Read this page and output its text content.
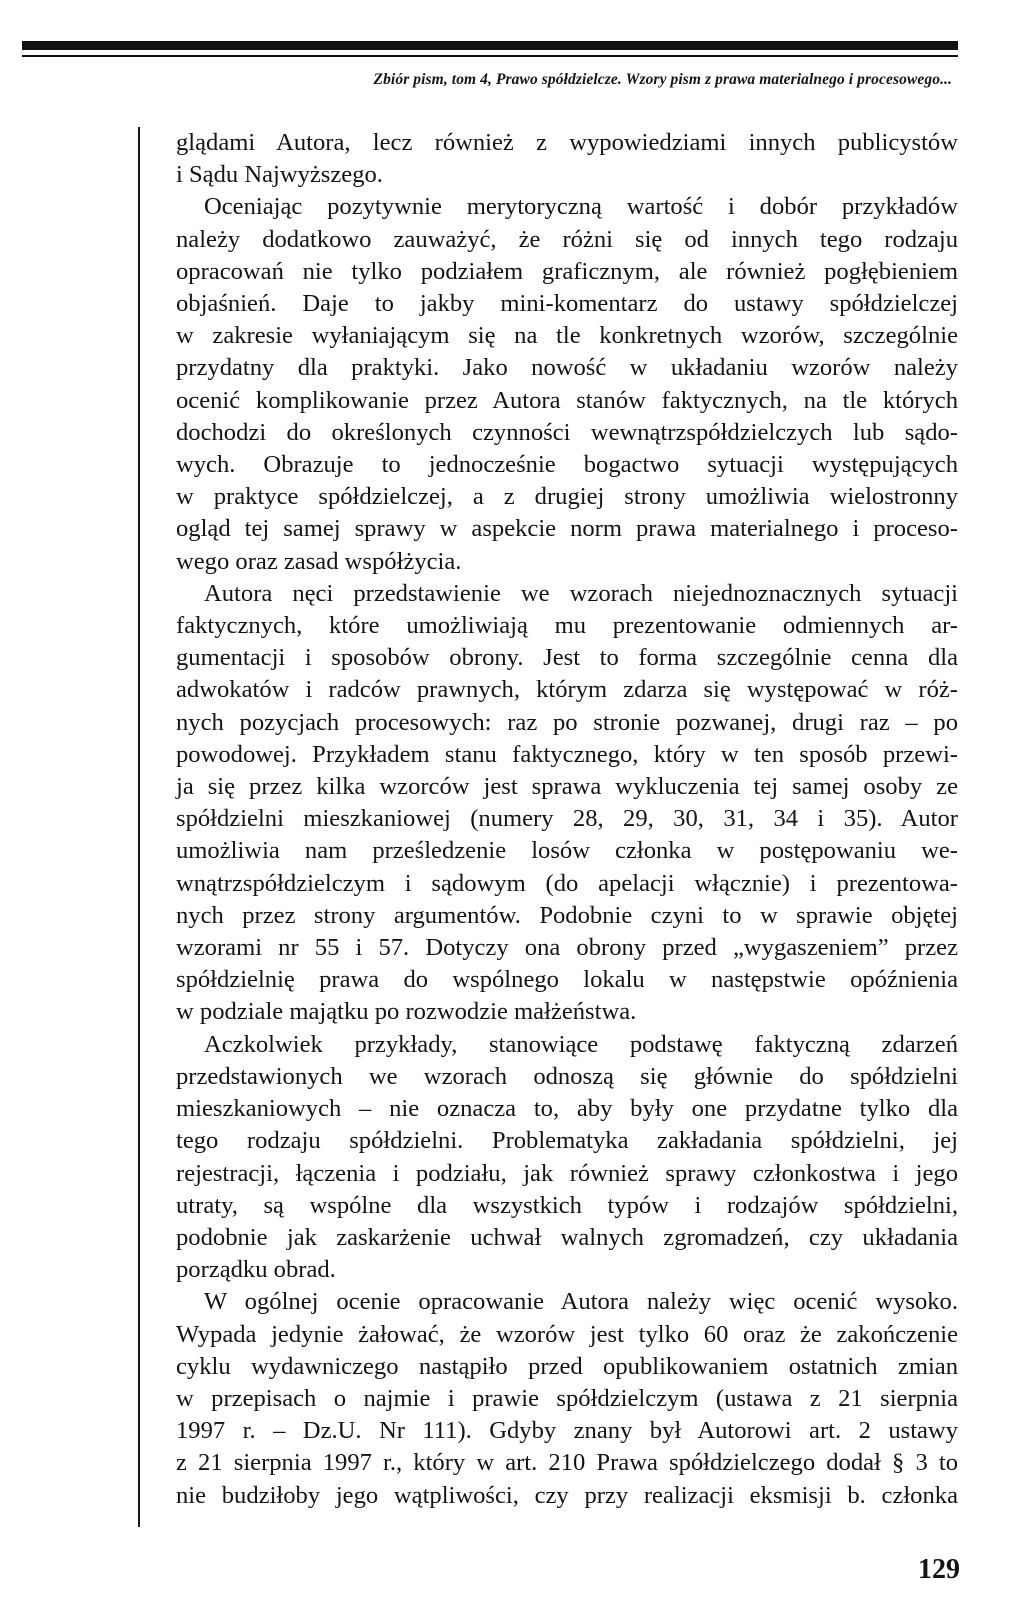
Zbiór pism, tom 4, Prawo spółdzielcze. Wzory pism z prawa materialnego i procesowego...
glądami Autora, lecz również z wypowiedziami innych publicystów
i Sądu Najwyższego.
Oceniając pozytywnie merytoryczną wartość i dobór przykładów
należy dodatkowo zauważyć, że różni się od innych tego rodzaju
opracowań nie tylko podziałem graficznym, ale również pogłębieniem
objaśnień. Daje to jakby mini-komentarz do ustawy spółdzielczej
w zakresie wyłaniającym się na tle konkretnych wzorów, szczególnie
przydatny dla praktyki. Jako nowość w układaniu wzorów należy
ocenić komplikowanie przez Autora stanów faktycznych, na tle których
dochodzi do określonych czynności wewnątrzspółdzielczych lub sądo-
wych. Obrazuje to jednocześnie bogactwo sytuacji występujących
w praktyce spółdzielczej, a z drugiej strony umożliwia wielostronny
ogląd tej samej sprawy w aspekcie norm prawa materialnego i proceso-
wego oraz zasad współżycia.
Autora nęci przedstawienie we wzorach niejednoznacznych sytuacji
faktycznych, które umożliwiają mu prezentowanie odmiennych ar-
gumentacji i sposobów obrony. Jest to forma szczególnie cenna dla
adwokatów i radców prawnych, którym zdarza się występować w róż-
nych pozycjach procesowych: raz po stronie pozwanej, drugi raz – po
powodowej. Przykładem stanu faktycznego, który w ten sposób przewi-
ja się przez kilka wzorców jest sprawa wykluczenia tej samej osoby ze
spółdzielni mieszkaniowej (numery 28, 29, 30, 31, 34 i 35). Autor
umożliwia nam prześledzenie losów członka w postępowaniu we-
wnątrzspółdzielczym i sądowym (do apelacji włącznie) i prezentowa-
nych przez strony argumentów. Podobnie czyni to w sprawie objętej
wzorami nr 55 i 57. Dotyczy ona obrony przed „wygaszeniem” przez
spółdzielnię prawa do wspólnego lokalu w następstwie opóźnienia
w podziale majątku po rozwodzie małżeństwa.
Aczkolwiek przykłady, stanowiące podstawę faktyczną zdarzeń
przedstawionych we wzorach odnoszą się głównie do spółdzielni
mieszkaniowych – nie oznacza to, aby były one przydatne tylko dla
tego rodzaju spółdzielni. Problematyka zakładania spółdzielni, jej
rejestracji, łączenia i podziału, jak również sprawy członkostwa i jego
utraty, są wspólne dla wszystkich typów i rodzajów spółdzielni,
podobnie jak zaskarżenie uchwał walnych zgromadzeń, czy układania
porządku obrad.
W ogólnej ocenie opracowanie Autora należy więc ocenić wysoko.
Wypada jedynie żałować, że wzorów jest tylko 60 oraz że zakończenie
cyklu wydawniczego nastąpiło przed opublikowaniem ostatnich zmian
w przepisach o najmie i prawie spółdzielczym (ustawa z 21 sierpnia
1997 r. – Dz.U. Nr 111). Gdyby znany był Autorowi art. 2 ustawy
z 21 sierpnia 1997 r., który w art. 210 Prawa spółdzielczego dodał § 3 to
nie budziłoby jego wątpliwości, czy przy realizacji eksmisji b. członka
129
